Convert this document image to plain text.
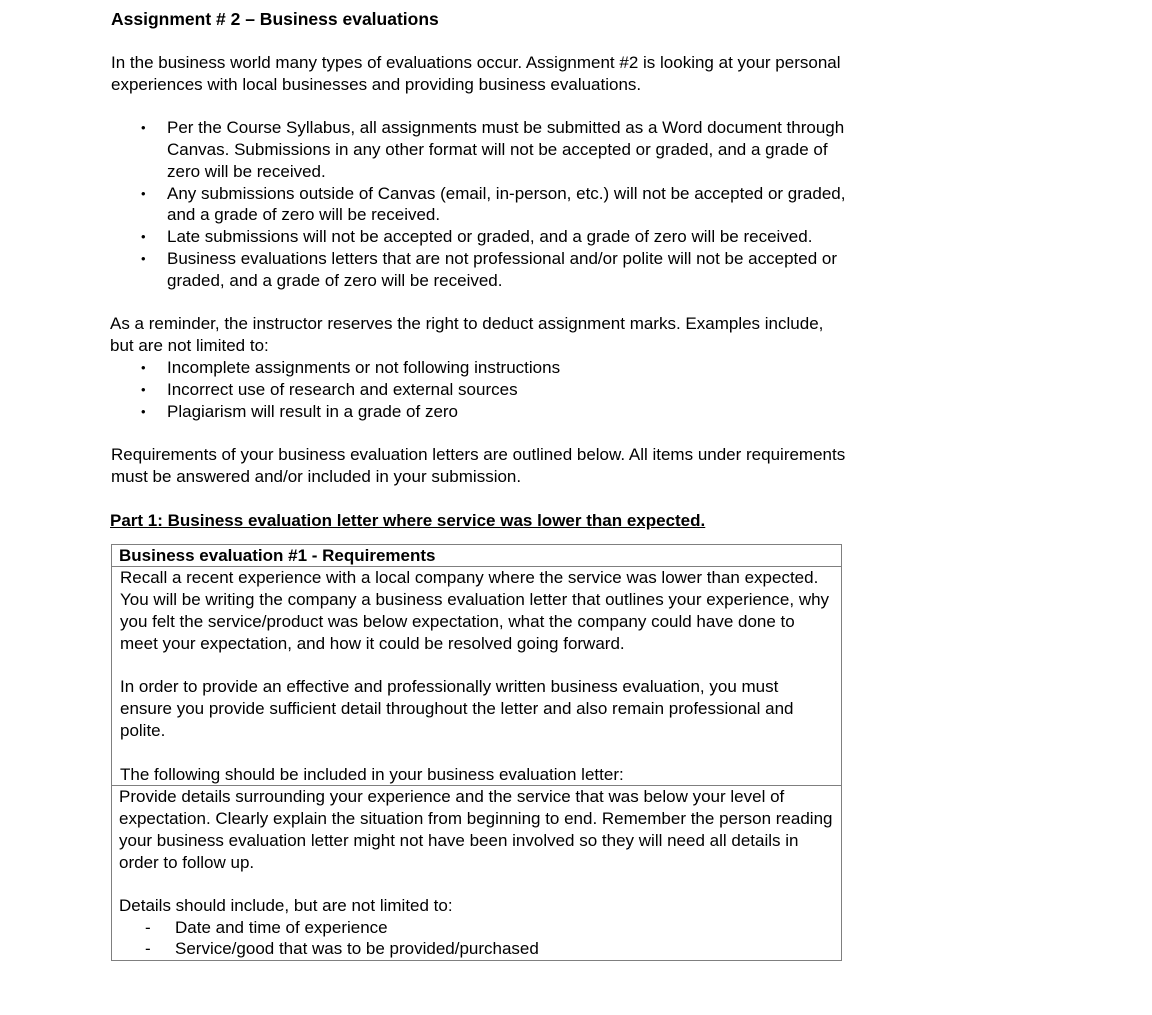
Assignment # 2 – Business evaluations

In the business world many types of evaluations occur. Assignment #2 is looking at your personal experiences with local businesses and providing business evaluations.

• Per the Course Syllabus, all assignments must be submitted as a Word document through Canvas. Submissions in any other format will not be accepted or graded, and a grade of zero will be received.
• Any submissions outside of Canvas (email, in-person, etc.) will not be accepted or graded, and a grade of zero will be received.
• Late submissions will not be accepted or graded, and a grade of zero will be received.
• Business evaluations letters that are not professional and/or polite will not be accepted or graded, and a grade of zero will be received.

As a reminder, the instructor reserves the right to deduct assignment marks. Examples include, but are not limited to:

• Incomplete assignments or not following instructions
• Incorrect use of research and external sources
• Plagiarism will result in a grade of zero

Requirements of your business evaluation letters are outlined below. All items under requirements must be answered and/or included in your submission.

Part 1: Business evaluation letter where service was lower than expected.
Business evaluation #1 - Requirements

Recall a recent experience with a local company where the service was lower than expected. You will be writing the company a business evaluation letter that outlines your experience, why you felt the service/product was below expectation, what the company could have done to meet your expectation, and how it could be resolved going forward.

In order to provide an effective and professionally written business evaluation, you must ensure you provide sufficient detail throughout the letter and also remain professional and polite.

The following should be included in your business evaluation letter:

Provide details surrounding your experience and the service that was below your level of expectation. Clearly explain the situation from beginning to end. Remember the person reading your business evaluation letter might not have been involved so they will need all details in order to follow up.

Details should include, but are not limited to:

- Date and time of experience
- Service/good that was to be provided/purchased
